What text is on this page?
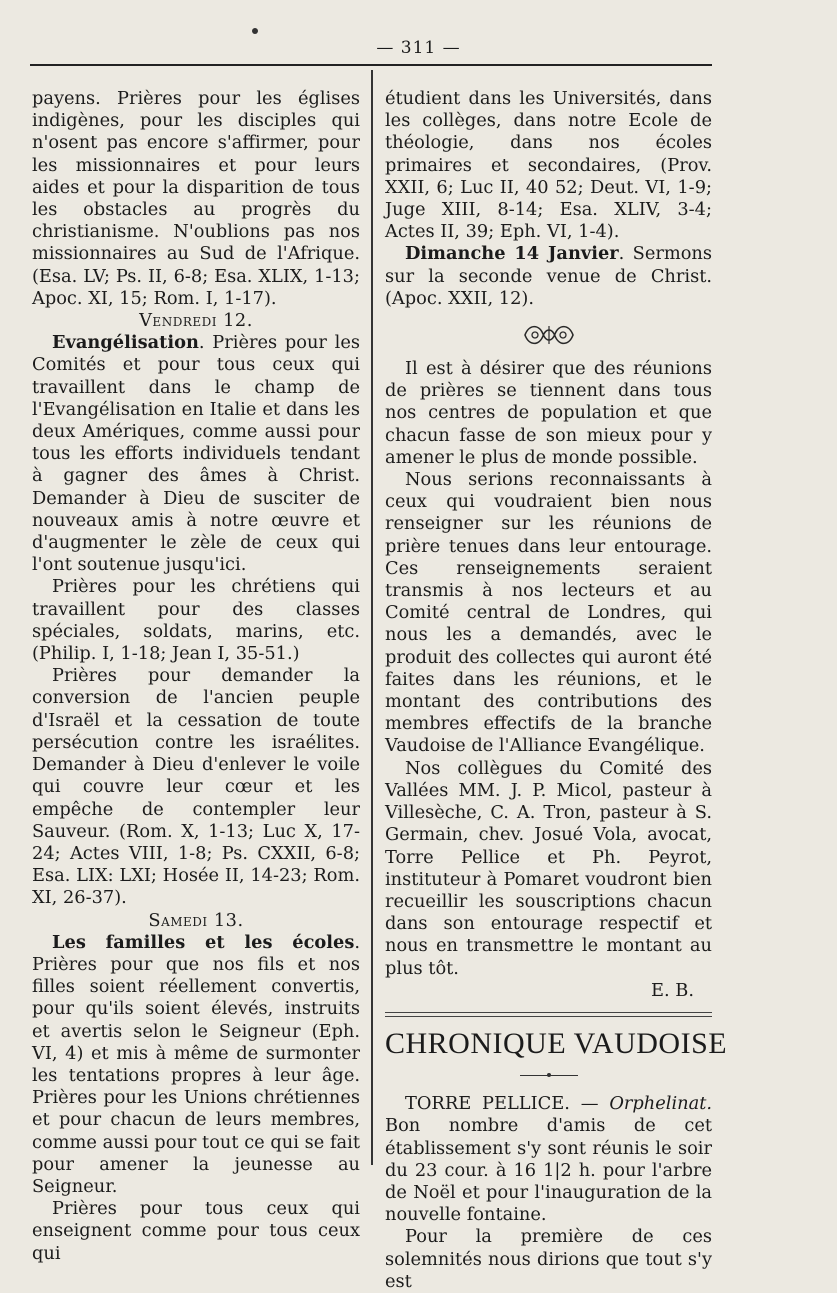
— 311 —

payens. Prières pour les églises indigènes, pour les disciples qui n'osent pas encore s'affirmer, pour les missionnaires et pour leurs aides et pour la disparition de tous les obstacles au progrès du christianisme. N'oublions pas nos missionnaires au Sud de l'Afrique. (Esa. LV; Ps. II, 6-8; Esa. XLIX, 1-13; Apoc. XI, 15; Rom. I, 1-17).

Vendredi 12.

Evangélisation. Prières pour les Comités et pour tous ceux qui travaillent dans le champ de l'Evangélisation en Italie et dans les deux Amériques, comme aussi pour tous les efforts individuels tendant à gagner des âmes à Christ. Demander à Dieu de susciter de nouveaux amis à notre œuvre et d'augmenter le zèle de ceux qui l'ont soutenue jusqu'ici.

Prières pour les chrétiens qui travaillent pour des classes spéciales, soldats, marins, etc. (Philip. I, 1-18; Jean I, 35-51.)

Prières pour demander la conversion de l'ancien peuple d'Israël et la cessation de toute persécution contre les israélites. Demander à Dieu d'enlever le voile qui couvre leur cœur et les empêche de contempler leur Sauveur. (Rom. X, 1-13; Luc X, 17-24; Actes VIII, 1-8; Ps. CXXII, 6-8; Esa. LIX: LXI; Hosée II, 14-23; Rom. XI, 26-37).

Samedi 13.

Les familles et les écoles. Prières pour que nos fils et nos filles soient réellement convertis, pour qu'ils soient élevés, instruits et avertis selon le Seigneur (Eph. VI, 4) et mis à même de surmonter les tentations propres à leur âge. Prières pour les Unions chrétiennes et pour chacun de leurs membres, comme aussi pour tout ce qui se fait pour amener la jeunesse au Seigneur.

Prières pour tous ceux qui enseignent comme pour tous ceux qui

étudient dans les Universités, dans les collèges, dans notre Ecole de théologie, dans nos écoles primaires et secondaires, (Prov. XXII, 6; Luc II, 40 52; Deut. VI, 1-9; Juge XIII, 8-14; Esa. XLIV, 3-4; Actes II, 39; Eph. VI, 1-4).

Dimanche 14 Janvier. Sermons sur la seconde venue de Christ. (Apoc. XXII, 12).

Il est à désirer que des réunions de prières se tiennent dans tous nos centres de population et que chacun fasse de son mieux pour y amener le plus de monde possible.

Nous serions reconnaissants à ceux qui voudraient bien nous renseigner sur les réunions de prière tenues dans leur entourage. Ces renseignements seraient transmis à nos lecteurs et au Comité central de Londres, qui nous les a demandés, avec le produit des collectes qui auront été faites dans les réunions, et le montant des contributions des membres effectifs de la branche Vaudoise de l'Alliance Evangélique.

Nos collègues du Comité des Vallées MM. J. P. Micol, pasteur à Villesèche, C. A. Tron, pasteur à S. Germain, chev. Josué Vola, avocat, Torre Pellice et Ph. Peyrot, instituteur à Pomaret voudront bien recueillir les souscriptions chacun dans son entourage respectif et nous en transmettre le montant au plus tôt.

E. B.

CHRONIQUE VAUDOISE

TORRE PELLICE. — Orphelinat. Bon nombre d'amis de cet établissement s'y sont réunis le soir du 23 cour. à 16 1|2 h. pour l'arbre de Noël et pour l'inauguration de la nouvelle fontaine.

Pour la première de ces solemnités nous dirions que tout s'y est
